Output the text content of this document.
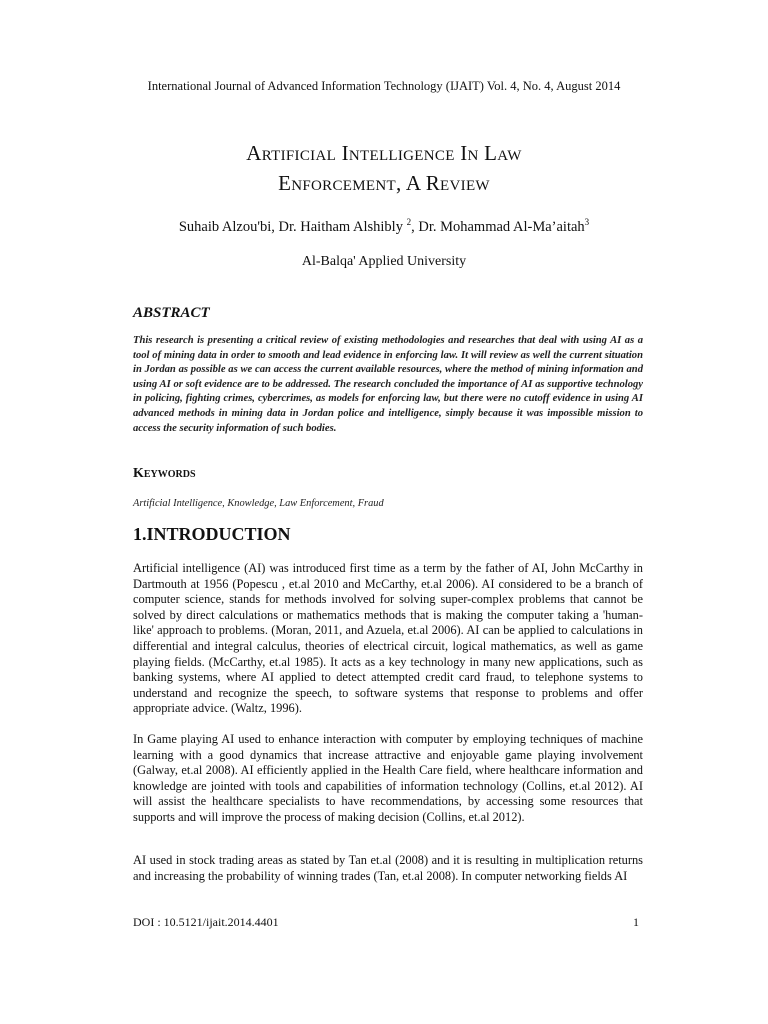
International Journal of Advanced Information Technology (IJAIT) Vol. 4, No. 4, August 2014
Artificial Intelligence In Law
Enforcement, A Review
Suhaib Alzou'bi, Dr. Haitham Alshibly $^2$, Dr. Mohammad Al-Ma’aitah$^3$
Al-Balqa' Applied University
ABSTRACT
This research is presenting a critical review of existing methodologies and researches that deal with using AI as a tool of mining data in order to smooth and lead evidence in enforcing law. It will review as well the current situation in Jordan as possible as we can access the current available resources, where the method of mining information and using AI or soft evidence are to be addressed. The research concluded the importance of AI as supportive technology in policing, fighting crimes, cybercrimes, as models for enforcing law, but there were no cutoff evidence in using AI advanced methods in mining data in Jordan police and intelligence, simply because it was impossible mission to access the security information of such bodies.
Keywords
Artificial Intelligence, Knowledge, Law Enforcement, Fraud
1.INTRODUCTION
Artificial intelligence (AI) was introduced first time as a term by the father of AI, John McCarthy in Dartmouth at 1956 (Popescu , et.al 2010 and McCarthy, et.al 2006). AI considered to be a branch of computer science, stands for methods involved for solving super-complex problems that cannot be solved by direct calculations or mathematics methods that is making the computer taking a 'human-like' approach to problems. (Moran, 2011, and Azuela, et.al 2006). AI can be applied to calculations in differential and integral calculus, theories of electrical circuit, logical mathematics, as well as game playing fields. (McCarthy, et.al 1985). It acts as a key technology in many new applications, such as banking systems, where AI applied to detect attempted credit card fraud, to telephone systems to understand and recognize the speech, to software systems that response to problems and offer appropriate advice. (Waltz, 1996).
In Game playing AI used to enhance interaction with computer by employing techniques of machine learning with a good dynamics that increase attractive and enjoyable game playing involvement (Galway, et.al 2008). AI efficiently applied in the Health Care field, where healthcare information and knowledge are jointed with tools and capabilities of information technology (Collins, et.al 2012). AI will assist the healthcare specialists to have recommendations, by accessing some resources that supports and will improve the process of making decision (Collins, et.al 2012).
AI used in stock trading areas as stated by Tan et.al (2008) and it is resulting in multiplication returns and increasing the probability of winning trades (Tan, et.al 2008). In computer networking fields AI
DOI : 10.5121/ijait.2014.4401	1
